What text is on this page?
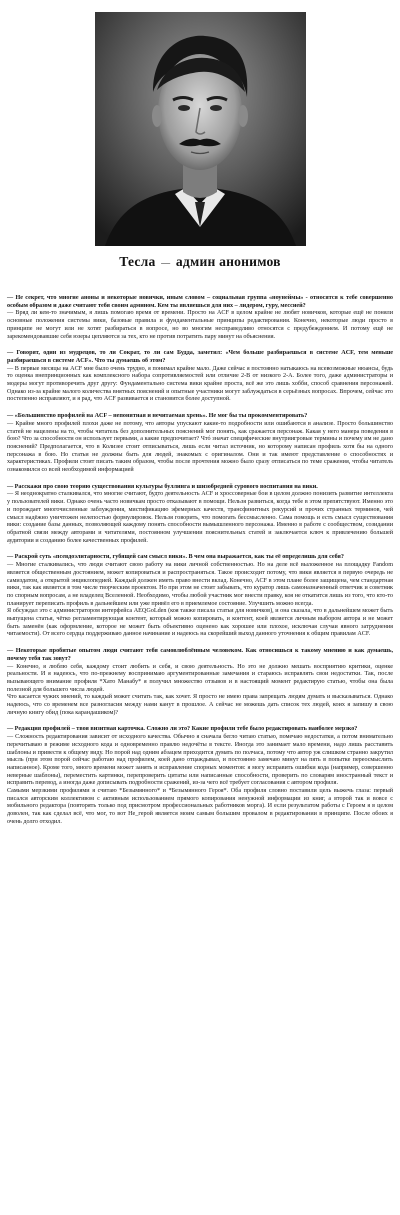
Тесла — админ анонимов

— Не секрет, что многие аноны и некоторые новички, иным словом – социальная группа «ноунеймы» - относятся к тебе совершенно особым образом и даже считают тебя своим админом. Кем ты являешься для них – лидером, гуру, мессией?

— Вряд ли кем-то значимым, я лишь помогаю время от времени. Просто на ACF в целом крайне не любят новичков, которые ещё не поняли основные положения системы вики, базовые правила и фундаментальные принципы редактирования. Конечно, некоторые люди просто в принципе не могут или не хотят разбираться в вопросе, но во многим несправедливо относятся с предубеждением. И потому ещё не зарекомендовавшие себя юзеры цепляются за тех, кто не против потратить пару минут на объяснения.

— Говорят, один из мудрецов, то ли Сократ, то ли сам Будда, заметил: «Чем больше разбираешься в системе ACF, тем меньше разбираешься в системе ACF». Что ты думаешь об этом?

— В первые месяцы на ACF мне было очень трудно, я понимал крайне мало. Даже сейчас я постоянно натыкаюсь на всевозможные нюансы, будь то оценка внепринционных как комплексного набора сопротивляемостей или отличие 2-B от низкого 2-A. Более того, даже администраторы и модеры могут противоречить друг другу: Фундаментально система вики крайне проста, всё же это лишь хобби, способ сравнения персонажей. Однако из-за крайне малого количества внятных пояснений и опытные участники могут заблуждаться в серьёзных вопросах. Впрочем, сейчас это постепенно исправляют, и я рад, что ACF развивается и становится более доступной.

— «Большинство профилей на ACF – непонятная и нечитаемая хрень». Не мог бы ты прокомментировать?

— Крайне много профилей плохи даже не потому, что авторы упускают какие-то подробности или ошибаются в анализе. Просто большинство статей не нацелены на то, чтобы читатель без дополнительных пояснений мог понять, как сражается персонаж. Какая у него манера поведения в бою? Что за способности он использует первыми, а какие предпочитает? Чтó значат специфические внутриигровые термины и почему им не дано пояснений? Предполагается, что в Колизее стоит отписываться, лишь если читал источник, но которому написан профиль хотя бы на одного персонажа в бою. Но статьи не должны быть для людей, знакомых с оригиналом. Они и так имеют представление о способностях и характеристиках. Профили стоит писать таким образом, чтобы после прочтения можно было сразу отписаться по теме сражения, чтобы читатель ознакомился со всей необходимой информацией

— Расскажи про свою теорию существования культуры буллинга и шизобредней сурового воспитания на вики.

— Я неоднократно сталкивался, что многие считают, будто деятельность ACF и хроссоверные бои в целом должно понизить развитие интеллекта у пользователей вики. Однако очень часто новичкам просто отказывают в помощи. Нельзя развиться, когда тебе в этом препятствуют. Именно это и порождает многочисленные заблуждения, мистификацию эфемерных качеств, трансфинитных рекурсий и прочих странных терминов, чей смысл надёжно уничтожен нелепостью формулировок. Нельзя говорить, что помогать бессмысленно. Сама помощь и есть смысл существования вики: создание базы данных, позволяющей каждому понять способности вымышленного персонажа. Именно в работе с сообществом, созидании обратной связи между авторами и читателями, постоянном улучшении пояснительных статей и заключается ключ к привлечению большей аудитории и созданию более качественных профилей.

— Раскрой суть «псевдоэлитарности, губящей сам смысл вики». В чем она выражается, как ты её определишь для себя?

— Многие сталкивались, что люди считают свою работу на вики личной собственностью. Но на деле всё выложенное на площадку Fandom является общественным достоянием, может копироваться и распространяться. Такое происходит потому, что вики является в первую очередь не самиздатом, а открытой энциклопедией. Каждый должен иметь право внести вклад. Конечно, ACF в этом плане более защищена, чем стандартная вики, так как является в том числе творческим проектом. Но при этом не стоит забывать, что куратор лишь самоназначенный ответчик и советник по спорным вопросам, а не владелец Вселенной. Необходимо, чтобы любой участник мог внести правку, коя не откатится лишь из того, что кто-то планирует переписать профиль в дальнейшем или уже привёл его в приемлемое состояние. Улучшить можно всегда.
Я обсуждал это с администратором интерфейса AEQGoLden (коя также писала статьи для новичков), и она сказала, что в дальнейшем может быть выпущена статья, чётко регламентирующая контент, который можно копировать, и контент, коей является личным выбором автора и не может быть заменён (как оформление, которое не может быть объективно оценено как хорошее или плохое, исключая случаи явного затруднения читаемости). От всего сердца поддерживаю данное начинание и надеюсь на скорейший выход данного уточнения к общим правилам ACF.

— Некоторые пробитые опытом люди считают тебя самовлюблённым человеком. Как относишься к такому мнению и как думаешь, почему тебя так зовут?

— Конечно, я люблю себя, каждому стоит любить и себя, и свою деятельность. Но это не должно мешать восприятию критики, оценке реальности. И я надеюсь, что по-прежнему воспринимаю аргументированные замечания и стараюсь исправлять свои недостатки. Так, после вызывающего внимание профиля *Хато Манабу* я получил множество отзывов и в настоящий момент редактирую статью, чтобы она была полезной для большего числа людей.
Что касается чужих мнений, то каждый может считать так, как хочет. Я просто не имею права запрещать людям думать и высказываться. Однако надеюсь, что со временем все разногласия между нами канут в прошлое. А сейчас не можешь дать список тех людей, коих я запишу в свою личную книгу обид (пока карандашиком)?

— Редакция профилей – твоя визитная карточка. Сложно ли это? Какие профили тебе было редактировать наиболее мерзко?

— Сложность редактирования зависит от исходного качества. Обычно я сначала бегло читаю статью, помечаю недостатки, а потом внимательно перечитываю в режиме исходного кода и одновременно правлю недочёты в тексте. Иногда это занимает мало времени, надо лишь расставить шаблоны и привести к общему виду. Но порой над одним абзацем приходится думать по полчаса, потому что автор уж слишком странно закрутил мысль (при этом порой сейчас работаю над профилем, коей дано отцаждывал, и постоянно замечаю минут на пять в попытке переосмыслить написанное). Кроме того, много времени может занять и исправление спорных моментов: я могу исправить ошибки кода (например, совершенно неверные шаблоны), переместить картинки, перепроверить цитаты или написанные способности, проверить по словарям иностранный текст и исправить перевод, а иногда даже дописывать подробности сражений, из-за чего всё требует согласования с автором профиля.
Самыми мерзкими профилями я считаю *Безымянного* и *Безымянного Героя*. Оба профиля словно поставили цель выжечь глаза: первый писался авторским коллективом с активным использованием прямого копирования ненужной информации из книг, а второй так и вовсе с мобильного редактора (повторять только под присмотром профессиональных работников морга). И если результатом работы с Героем я в целом доволен, так как сделал всё, что мог, то вот Не_герой является моим самым большим провалом в редактировании в принципе. После обоих я очень долго отходил.
